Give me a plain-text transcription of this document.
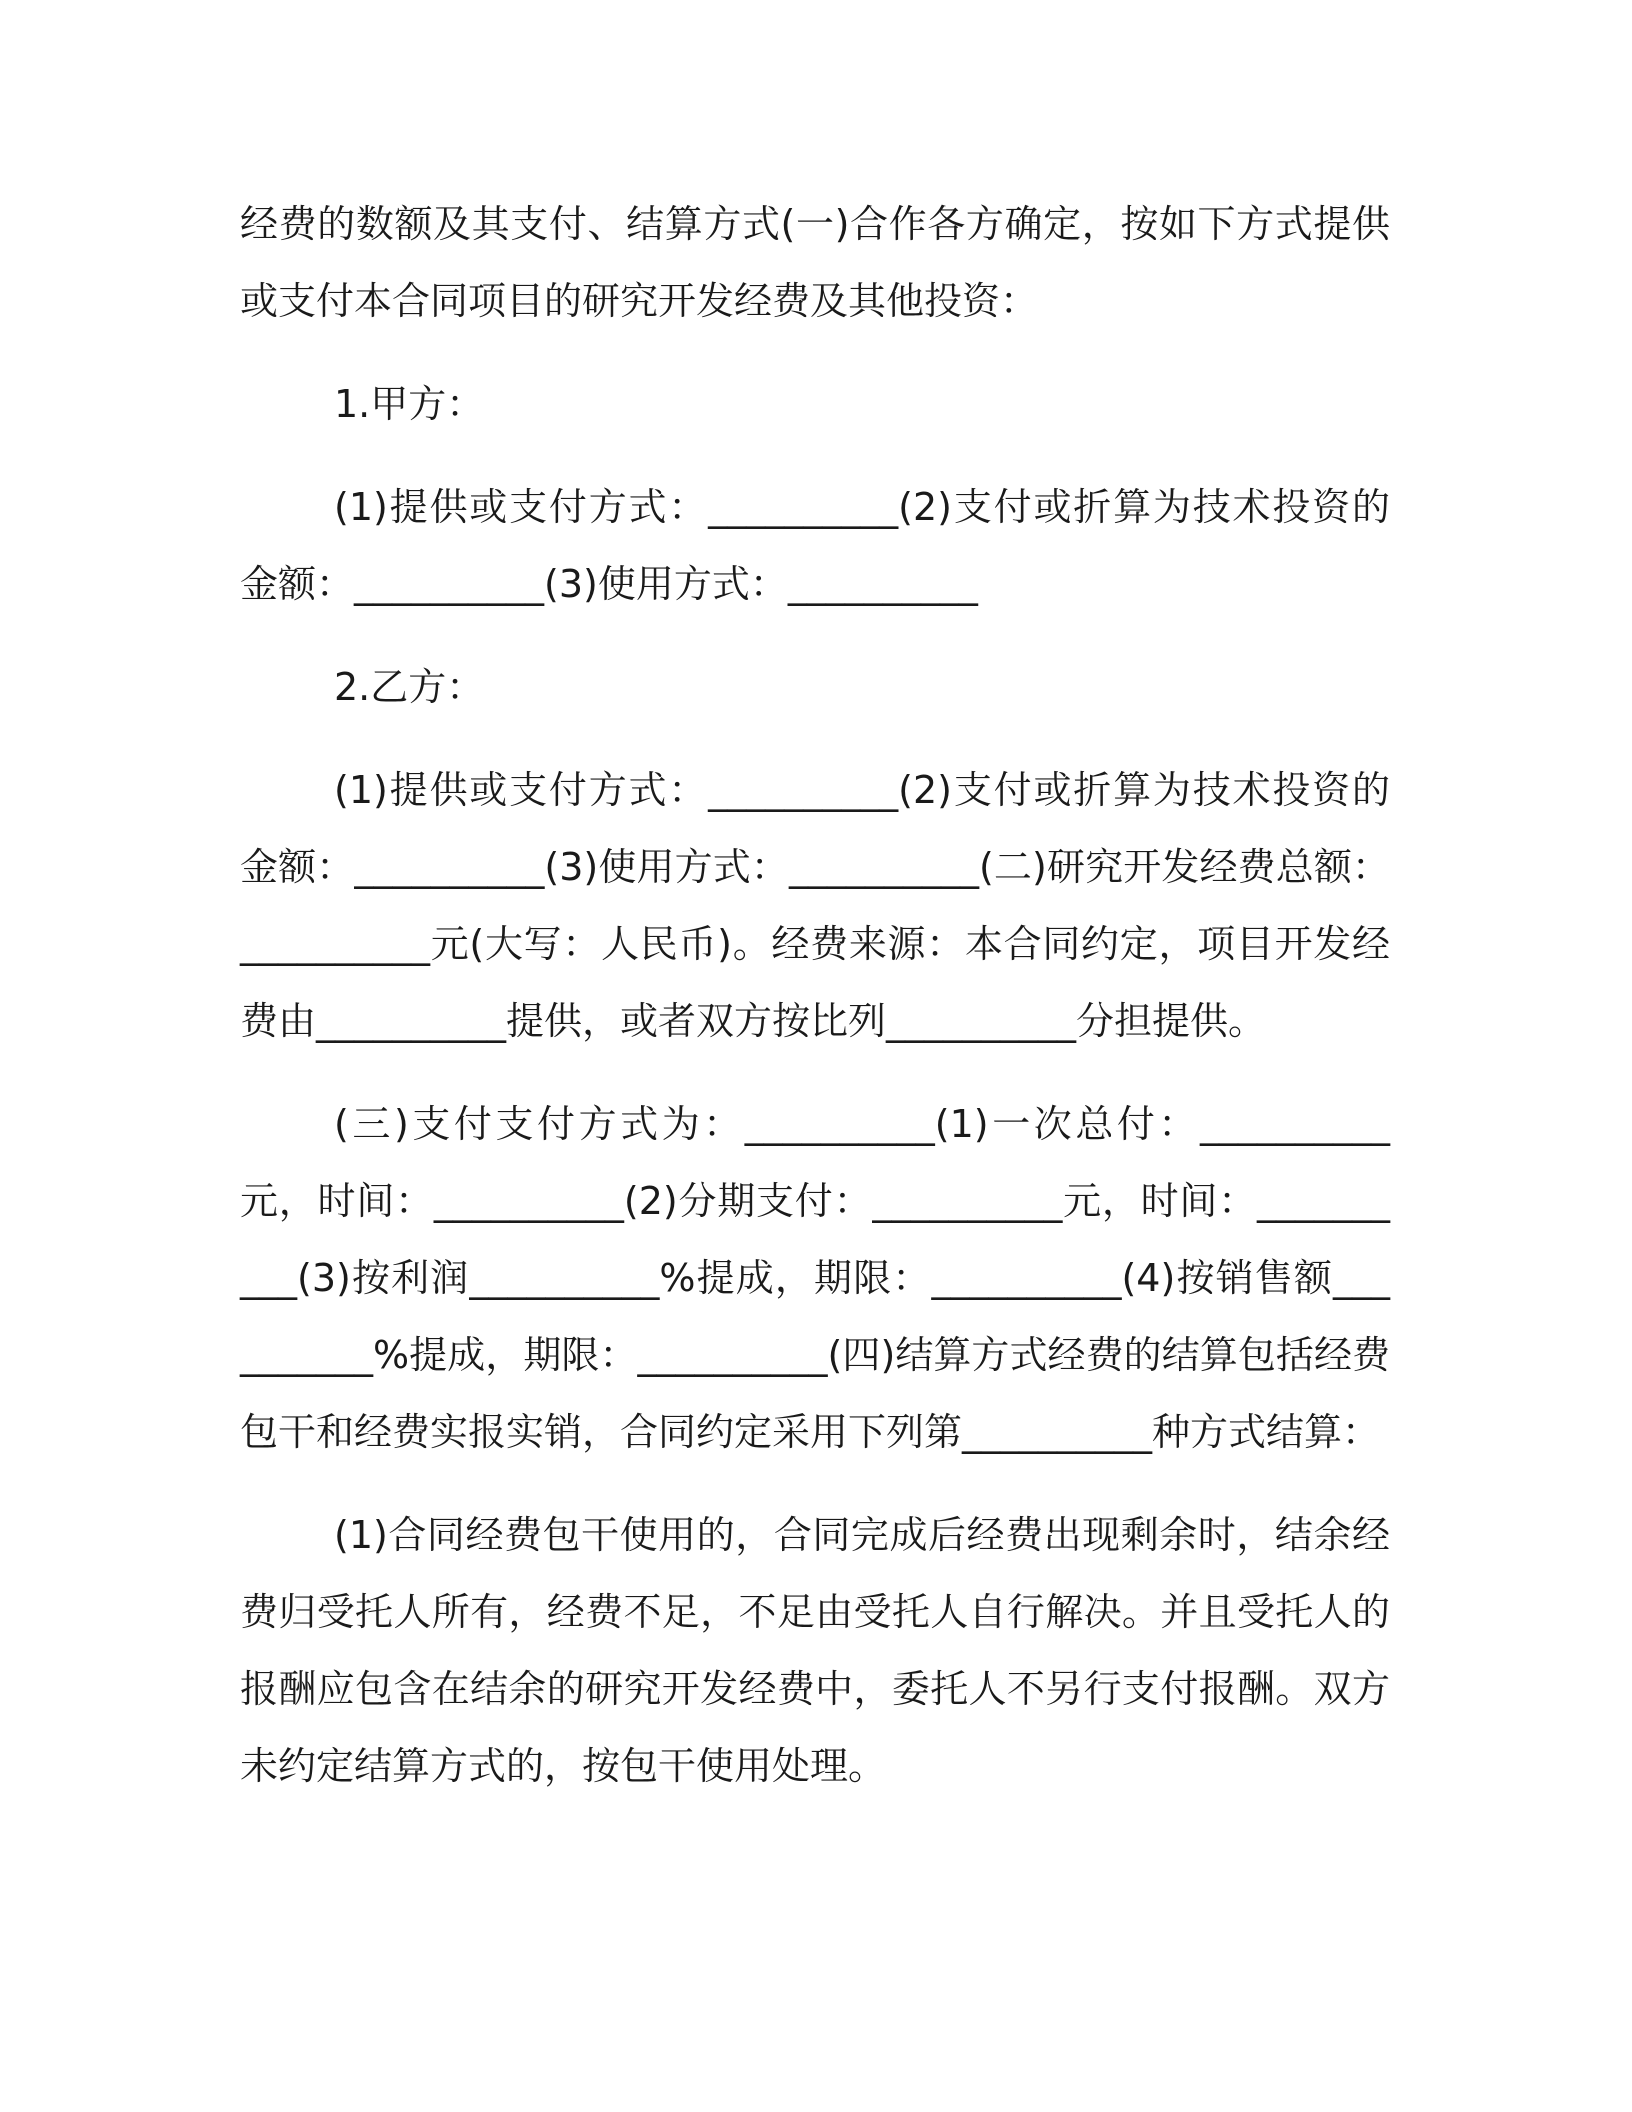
经费的数额及其支付、结算方式(一)合作各方确定，按如下方式提供或支付本合同项目的研究开发经费及其他投资：

1.甲方：

(1)提供或支付方式：__________(2)支付或折算为技术投资的金额：__________(3)使用方式：__________

2.乙方：

(1)提供或支付方式：__________(2)支付或折算为技术投资的金额：__________(3)使用方式：__________(二)研究开发经费总额：__________元(大写：人民币)。经费来源：本合同约定，项目开发经费由__________提供，或者双方按比列__________分担提供。

(三)支付支付方式为：__________(1)一次总付：__________元，时间：__________(2)分期支付：__________元，时间：__________(3)按利润__________%提成，期限：__________(4)按销售额__________%提成，期限：__________(四)结算方式经费的结算包括经费包干和经费实报实销，合同约定采用下列第__________种方式结算：

(1)合同经费包干使用的，合同完成后经费出现剩余时，结余经费归受托人所有，经费不足，不足由受托人自行解决。并且受托人的报酬应包含在结余的研究开发经费中，委托人不另行支付报酬。双方未约定结算方式的，按包干使用处理。
